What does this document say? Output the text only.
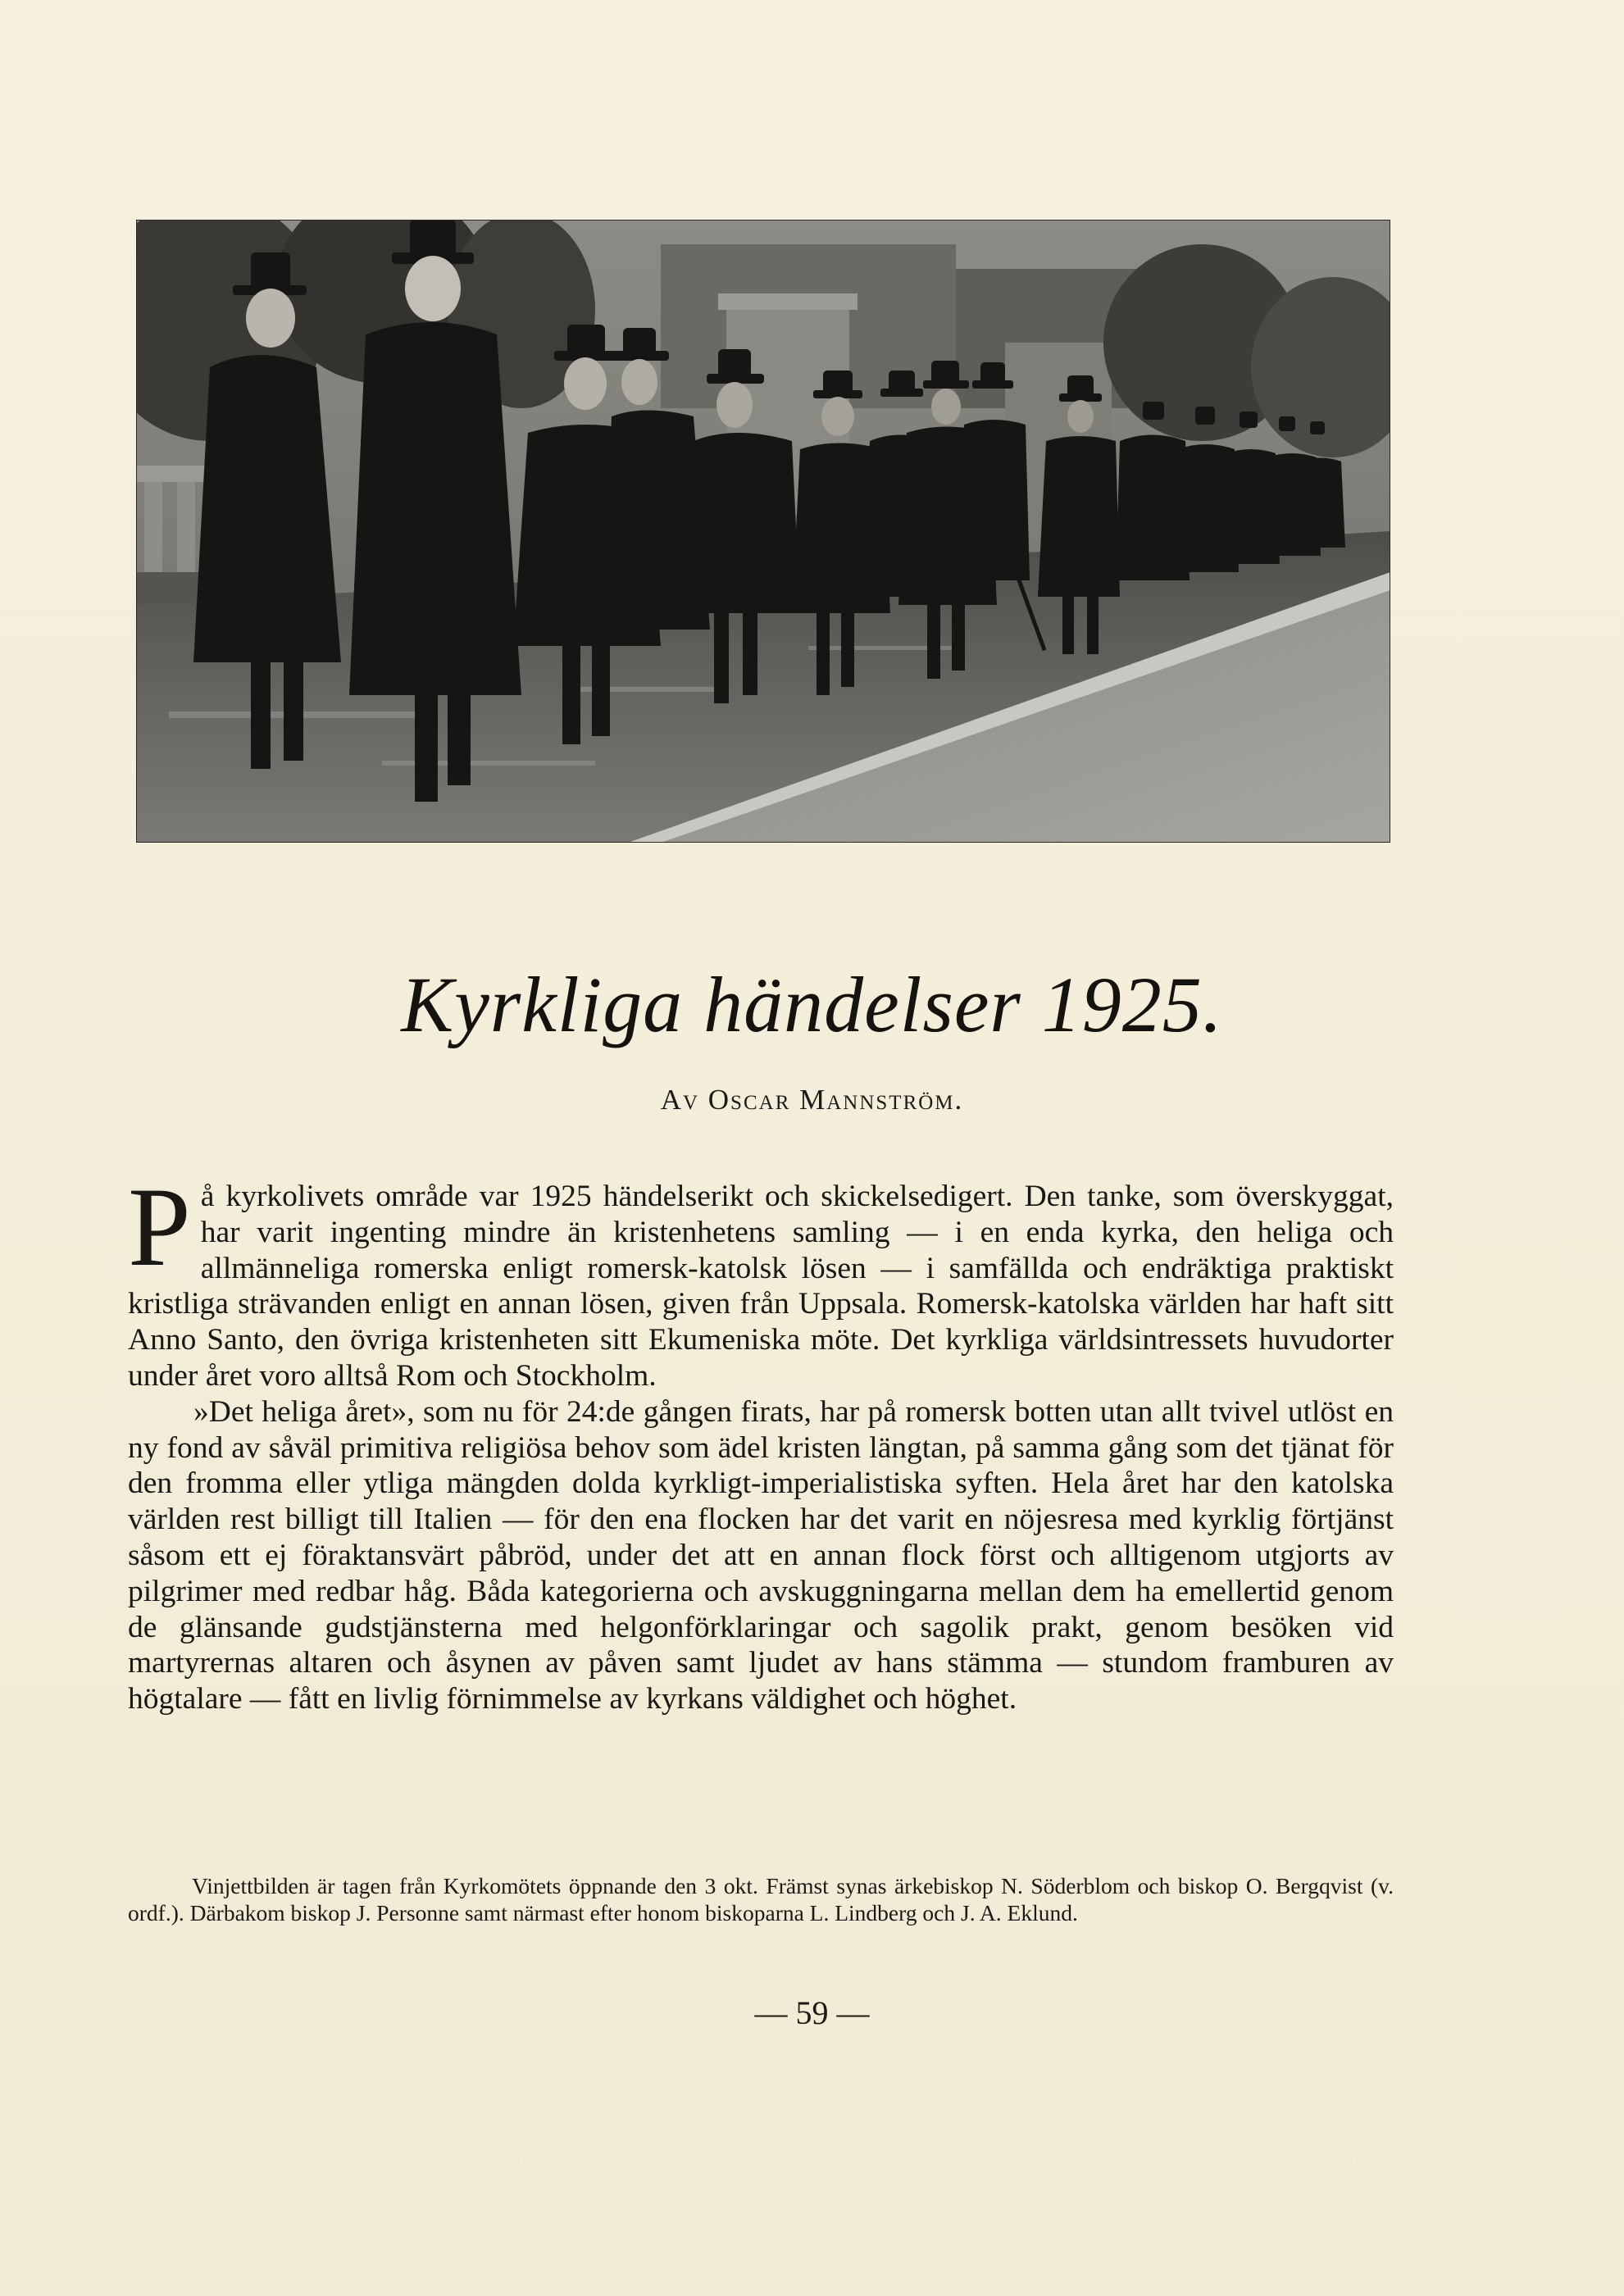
Kyrkliga händelser 1925.
Av Oscar Mannström.

På kyrkolivets område var 1925 händelserikt och skickelsedigert. Den tanke, som överskyggat, har varit ingenting mindre än kristenhetens samling — i en enda kyrka, den heliga och allmänneliga romerska enligt romersk-katolsk lösen — i samfällda och endräktiga praktiskt kristliga strävanden enligt en annan lösen, given från Uppsala. Romersk-katolska världen har haft sitt Anno Santo, den övriga kristenheten sitt Ekumeniska möte. Det kyrkliga världsintressets huvudorter under året voro alltså Rom och Stockholm.

»Det heliga året», som nu för 24:de gången firats, har på romersk botten utan allt tvivel utlöst en ny fond av såväl primitiva religiösa behov som ädel kristen längtan, på samma gång som det tjänat för den fromma eller ytliga mängden dolda kyrkligt-imperialistiska syften. Hela året har den katolska världen rest billigt till Italien — för den ena flocken har det varit en nöjesresa med kyrklig förtjänst såsom ett ej föraktansvärt påbröd, under det att en annan flock först och alltigenom utgjorts av pilgrimer med redbar håg. Båda kategorierna och avskuggningarna mellan dem ha emellertid genom de glänsande gudstjänsterna med helgonförklaringar och sagolik prakt, genom besöken vid martyrernas altaren och åsynen av påven samt ljudet av hans stämma — stundom framburen av högtalare — fått en livlig förnimmelse av kyrkans väldighet och höghet.

Vinjettbilden är tagen från Kyrkomötets öppnande den 3 okt. Främst synas ärkebiskop N. Söderblom och biskop O. Bergqvist (v. ordf.). Därbakom biskop J. Personne samt närmast efter honom biskoparna L. Lindberg och J. A. Eklund.
— 59 —
